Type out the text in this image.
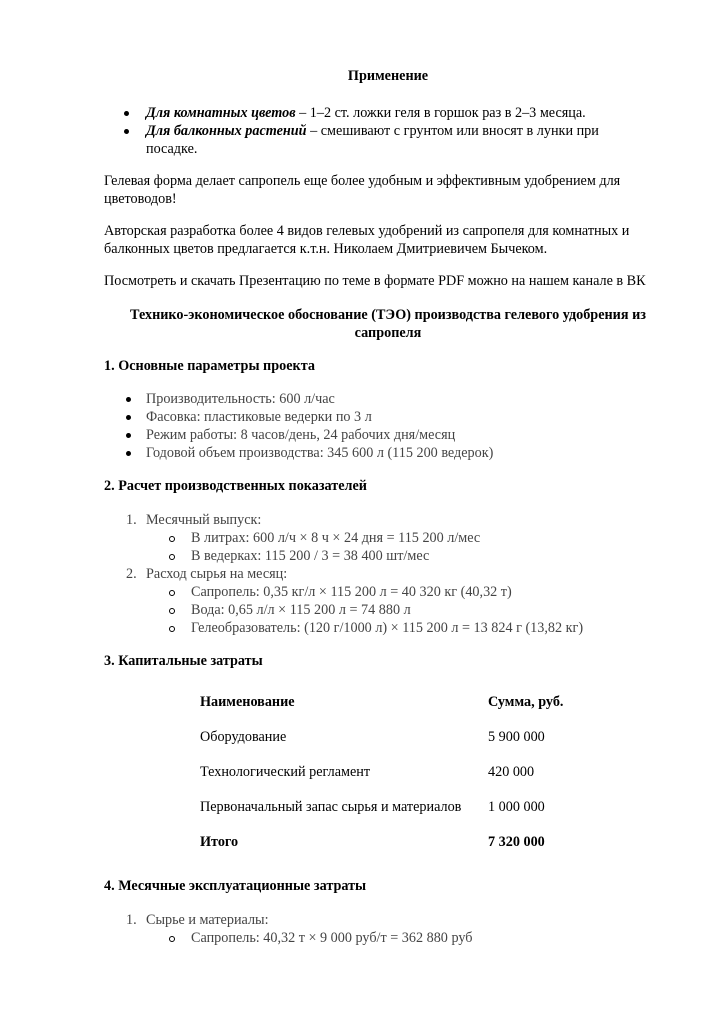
Применение
Для комнатных цветов – 1–2 ст. ложки геля в горшок раз в 2–3 месяца.
Для балконных растений – смешивают с грунтом или вносят в лунки при
посадке.
Гелевая форма делает сапропель еще более удобным и эффективным удобрением для
цветоводов!
Авторская разработка более 4 видов гелевых удобрений из сапропеля для комнатных и
балконных цветов предлагается к.т.н. Николаем Дмитриевичем Бычеком.
Посмотреть и скачать Презентацию по теме в формате PDF можно на нашем канале в ВК
Технико-экономическое обоснование (ТЭО) производства гелевого удобрения из
сапропеля
1. Основные параметры проекта
Производительность: 600 л/час
Фасовка: пластиковые ведерки по 3 л
Режим работы: 8 часов/день, 24 рабочих дня/месяц
Годовой объем производства: 345 600 л (115 200 ведерок)
2. Расчет производственных показателей
1. Месячный выпуск:
В литрах: 600 л/ч × 8 ч × 24 дня = 115 200 л/мес
В ведерках: 115 200 / 3 = 38 400 шт/мес
2. Расход сырья на месяц:
Сапропель: 0,35 кг/л × 115 200 л = 40 320 кг (40,32 т)
Вода: 0,65 л/л × 115 200 л = 74 880 л
Гелеобразователь: (120 г/1000 л) × 115 200 л = 13 824 г (13,82 кг)
3. Капитальные затраты
Наименование	Сумма, руб.
Оборудование	5 900 000
Технологический регламент	420 000
Первоначальный запас сырья и материалов 1 000 000
Итого	7 320 000
4. Месячные эксплуатационные затраты
1. Сырье и материалы:
Сапропель: 40,32 т × 9 000 руб/т = 362 880 руб
